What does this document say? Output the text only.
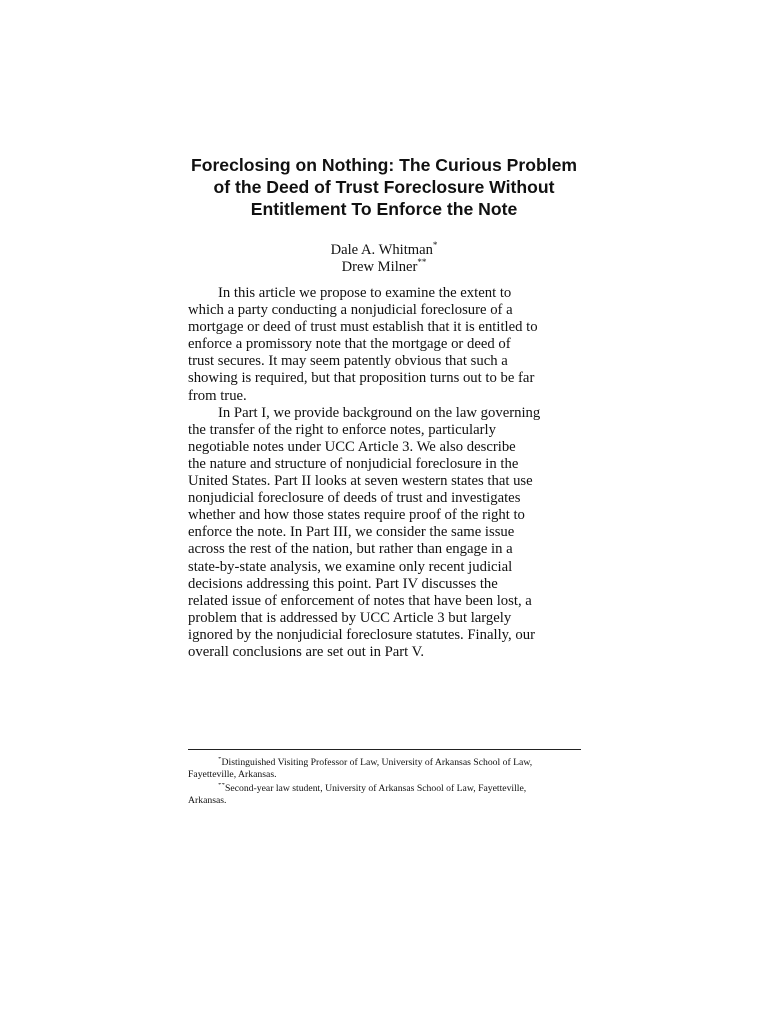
Foreclosing on Nothing: The Curious Problem
of the Deed of Trust Foreclosure Without
Entitlement To Enforce the Note
Dale A. Whitman*
Drew Milner**
In this article we propose to examine the extent to
which a party conducting a nonjudicial foreclosure of a
mortgage or deed of trust must establish that it is entitled to
enforce a promissory note that the mortgage or deed of
trust secures. It may seem patently obvious that such a
showing is required, but that proposition turns out to be far
from true.
In Part I, we provide background on the law governing
the transfer of the right to enforce notes, particularly
negotiable notes under UCC Article 3. We also describe
the nature and structure of nonjudicial foreclosure in the
United States. Part II looks at seven western states that use
nonjudicial foreclosure of deeds of trust and investigates
whether and how those states require proof of the right to
enforce the note. In Part III, we consider the same issue
across the rest of the nation, but rather than engage in a
state-by-state analysis, we examine only recent judicial
decisions addressing this point. Part IV discusses the
related issue of enforcement of notes that have been lost, a
problem that is addressed by UCC Article 3 but largely
ignored by the nonjudicial foreclosure statutes. Finally, our
overall conclusions are set out in Part V.
*Distinguished Visiting Professor of Law, University of Arkansas School of Law,
Fayetteville, Arkansas.
**Second-year law student, University of Arkansas School of Law, Fayetteville,
Arkansas.
